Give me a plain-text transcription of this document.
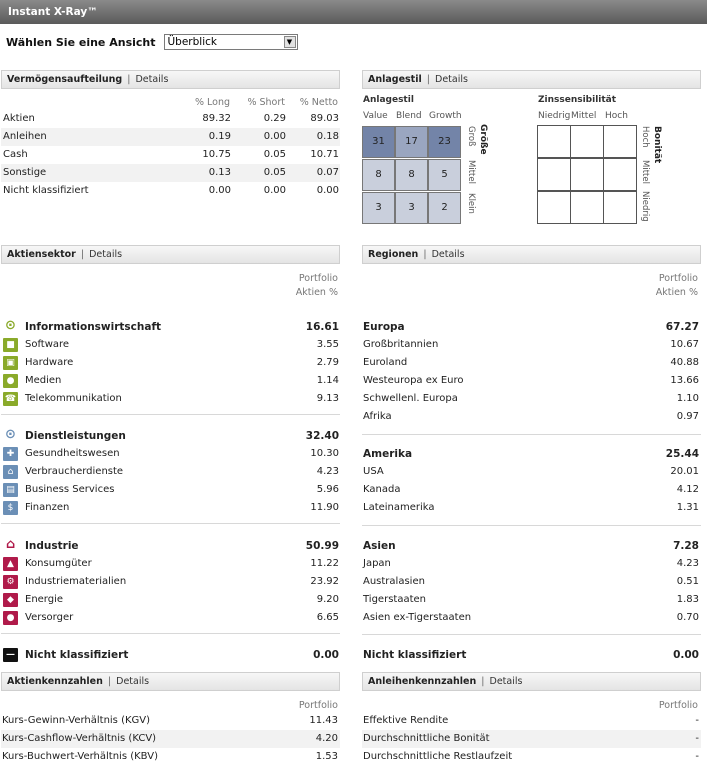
Instant X-Ray™
Wählen Sie eine Ansicht	Überblick	▼
Vermögensaufteilung | Details
% Long	% Short	% Netto
Aktien	89.32	0.29	89.03
Anleihen	0.19	0.00	0.18
Cash	10.75	0.05	10.71
Sonstige	0.13	0.05	0.07
Nicht klassifiziert	0.00	0.00	0.00
Anlagestil | Details
Anlagestil
Value Blend Growth
31	17	23
8	8	5
3	3	2
Größe
Groß
Mittel
Klein
Zinssensibilität
Niedrig Mittel Hoch
Bonität
Hoch
Mittel
Niedrig
Aktiensektor | Details
Portfolio
Aktien %
⊙ Informationswirtschaft	16.61
■	Software	3.55
▣	Hardware	2.79
●	Medien	1.14
☎ Telekommunikation	9.13
⊙ Dienstleistungen	32.40
✚	Gesundheitswesen	10.30
⌂	Verbraucherdienste	4.23
▤	Business Services	5.96
$	Finanzen	11.90
⌂ Industrie	50.99
▲	Konsumgüter	11.22
⚙	Industriematerialien	23.92
◆	Energie	9.20
●	Versorger	6.65
— Nicht klassifiziert	0.00
Regionen | Details
Portfolio
Aktien %
Europa	67.27
Großbritannien	10.67
Euroland	40.88
Westeuropa ex Euro	13.66
Schwellenl. Europa	1.10
Afrika	0.97
Amerika	25.44
USA	20.01
Kanada	4.12
Lateinamerika	1.31
Asien	7.28
Japan	4.23
Australasien	0.51
Tigerstaaten	1.83
Asien ex-Tigerstaaten	0.70
Nicht klassifiziert	0.00
Aktienkennzahlen | Details
Portfolio
Kurs-Gewinn-Verhältnis (KGV)	11.43
Kurs-Cashflow-Verhältnis (KCV)	4.20
Kurs-Buchwert-Verhältnis (KBV)	1.53
Anleihenkennzahlen | Details
Portfolio
Effektive Rendite	-
Durchschnittliche Bonität	-
Durchschnittliche Restlaufzeit	-
